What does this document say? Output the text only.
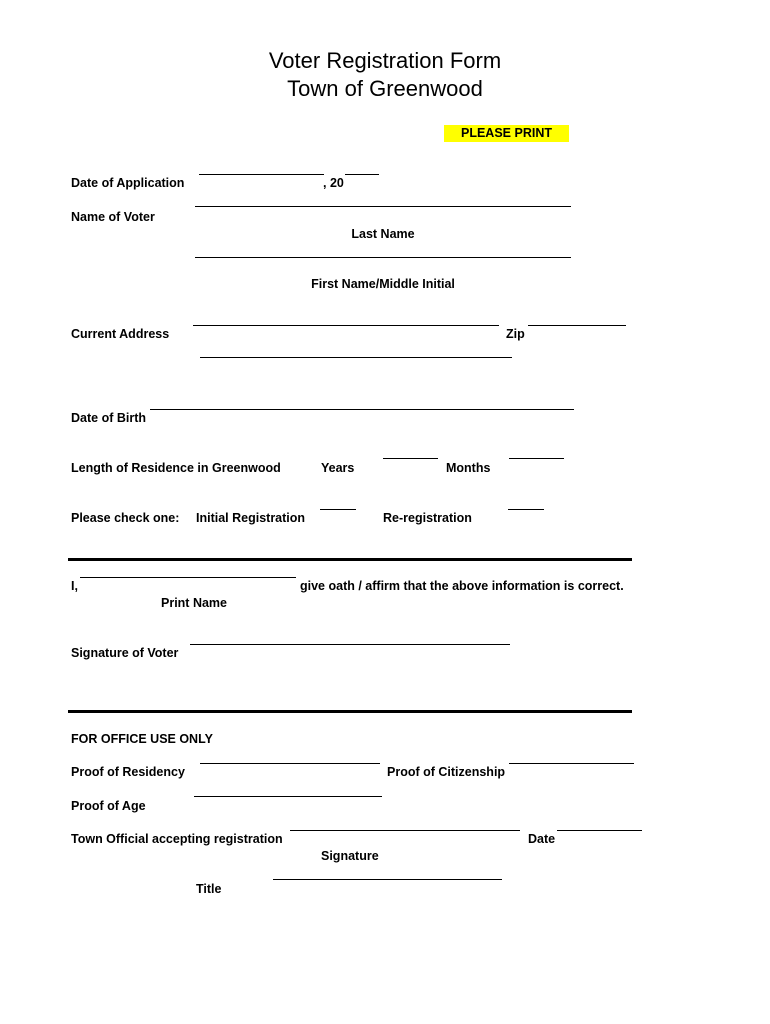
Voter Registration Form
Town of Greenwood
PLEASE PRINT
Date of Application	, 20
Name of Voter
Last Name
First Name/Middle Initial
Current Address	Zip
Date of Birth
Length of Residence in Greenwood	Years	Months
Please check one: Initial Registration	Re-registration
I,	give oath / affirm that the above information is correct.
Print Name
Signature of Voter
FOR OFFICE USE ONLY
Proof of Residency	Proof of Citizenship
Proof of Age
Town Official accepting registration	Date
Signature
Title
